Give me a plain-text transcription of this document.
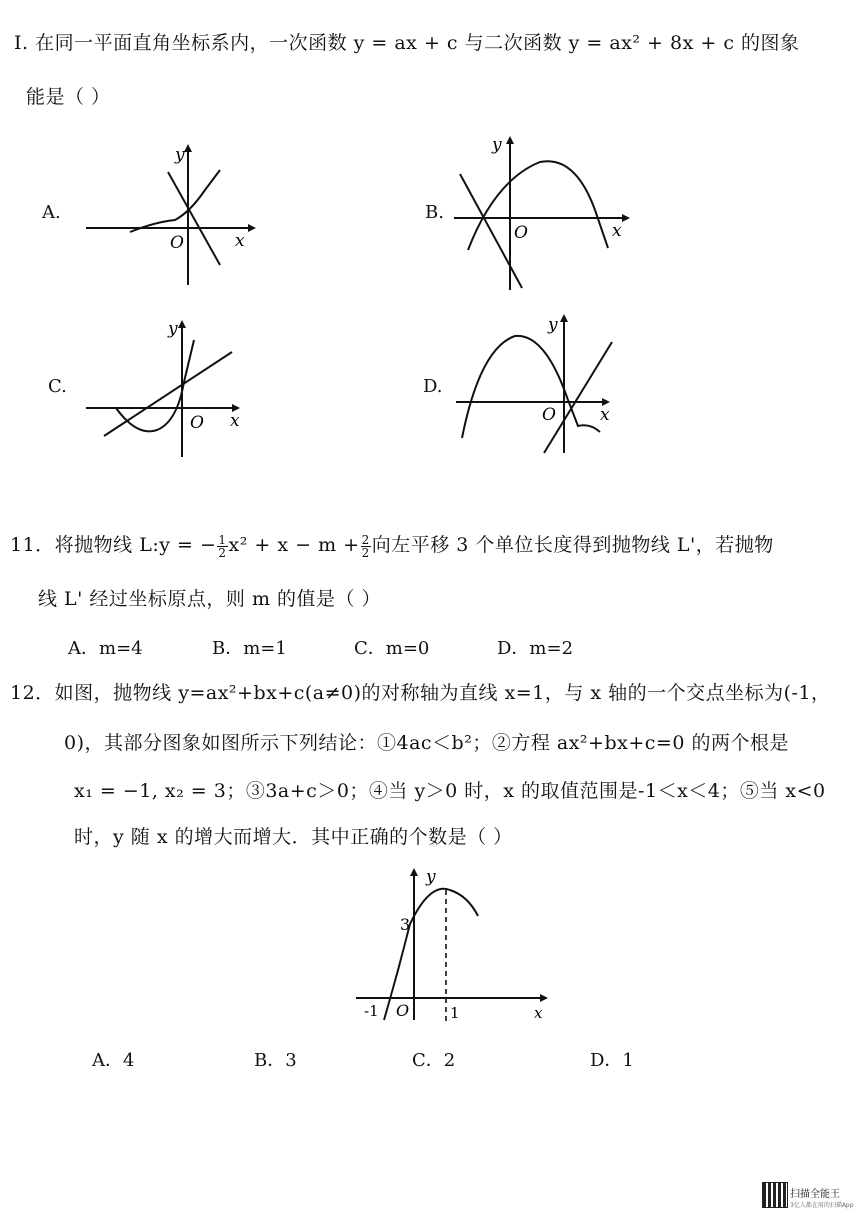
I. 在同一平面直角坐标系内，一次函数 y = ax + c 与二次函数 y = ax² + 8x + c 的图象
能是（ ）
A.
y
x
O
B.
y
x
O
C.
y
x
O
D.
y
x
O
11．将抛物线 L:y = − $\frac{1}{2} x^2 + x - m + \frac{2}{2}$ 向左平移 3 个单位长度得到抛物线 L'，若抛物
线 L' 经过坐标原点，则 m 的值是（ ）
A．m=4	B．m=1	C．m=0	D．m=2
12．如图，抛物线 y=ax²+bx+c(a≠0)的对称轴为直线 x=1，与 x 轴的一个交点坐标为(-1，
0)，其部分图象如图所示下列结论：①4ac＜b²；②方程 ax²+bx+c=0 的两个根是
x₁ = −1, x₂ = 3；③3a+c＞0；④当 y＞0 时，x 的取值范围是-1＜x＜4；⑤当 x<0
时，y 随 x 的增大而增大．其中正确的个数是（ ）
y
x
3
-1 O	1
A．4	B．3	C．2	D．1
扫描全能王
3亿人都在用的扫描App
